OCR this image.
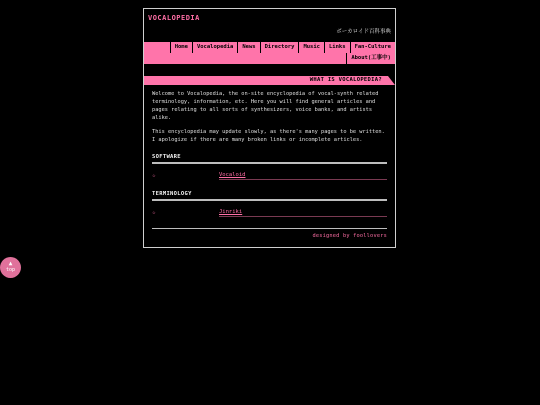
VOCALOPEDIA
ボーカロイド百科事典
Home	Vocalopedia	News	Directory	Music	Links	Fan-Culture
About(工事中)
WHAT IS VOCALOPEDIA?

Welcome to Vocalopedia, the on-site encyclopedia of vocal-synth related terminology, information, etc. Here you will find general articles and pages relating to all sorts of synthesizers, voice banks, and artists alike.

This encyclopedia may update slowly, as there's many pages to be written. I apologize if there are many broken links or incomplete articles.

SOFTWARE
☆	Vocaloid
TERMINOLOGY
☆	Jinriki
designed by foollovers
▲
top
